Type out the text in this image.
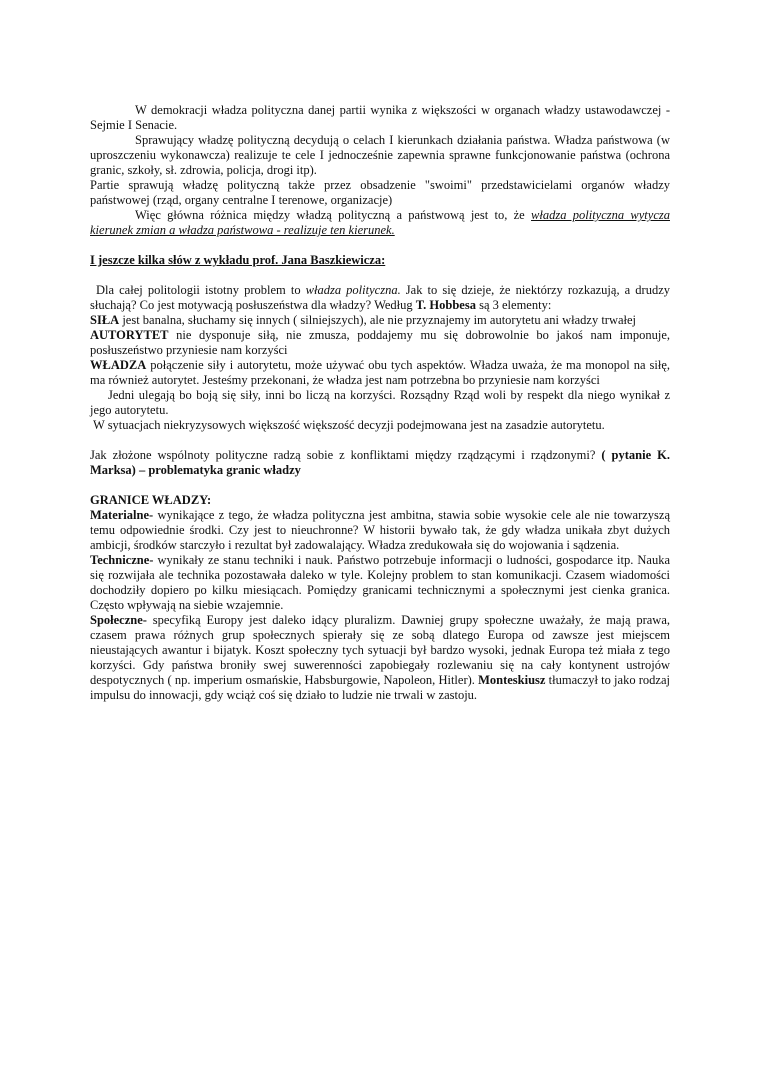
W demokracji władza polityczna danej partii wynika z większości w organach władzy ustawodawczej - Sejmie I Senacie.

Sprawujący władzę polityczną decydują o celach I kierunkach działania państwa. Władza państwowa (w uproszczeniu wykonawcza) realizuje te cele I jednocześnie zapewnia sprawne funkcjonowanie państwa (ochrona granic, szkoły, sł. zdrowia, policja, drogi itp).

Partie sprawują władzę polityczną także przez obsadzenie "swoimi" przedstawicielami organów władzy państwowej (rząd, organy centralne I terenowe, organizacje)

Więc główna różnica między władzą polityczną a państwową jest to, że władza polityczna wytycza kierunek zmian a władza państwowa - realizuje ten kierunek.

I jeszcze kilka słów z wykładu prof. Jana Baszkiewicza:

Dla całej politologii istotny problem to władza polityczna. Jak to się dzieje, że niektórzy rozkazują, a drudzy słuchają? Co jest motywacją posłuszeństwa dla władzy? Według T. Hobbesa są 3 elementy:

SIŁA jest banalna, słuchamy się innych ( silniejszych), ale nie przyznajemy im autorytetu ani władzy trwałej

AUTORYTET nie dysponuje siłą, nie zmusza, poddajemy mu się dobrowolnie bo jakoś nam imponuje, posłuszeństwo przyniesie nam korzyści

WŁADZA połączenie siły i autorytetu, może używać obu tych aspektów. Władza uważa, że ma monopol na siłę, ma również autorytet. Jesteśmy przekonani, że władza jest nam potrzebna bo przyniesie nam korzyści

Jedni ulegają bo boją się siły, inni bo liczą na korzyści. Rozsądny Rząd woli by respekt dla niego wynikał z jego autorytetu.

W sytuacjach niekryzysowych większość większość decyzji podejmowana jest na zasadzie autorytetu.

Jak złożone wspólnoty polityczne radzą sobie z konfliktami między rządzącymi i rządzonymi? ( pytanie K. Marksa) – problematyka granic władzy

GRANICE WŁADZY:

Materialne- wynikające z tego, że władza polityczna jest ambitna, stawia sobie wysokie cele ale nie towarzyszą temu odpowiednie środki. Czy jest to nieuchronne? W historii bywało tak, że gdy władza unikała zbyt dużych ambicji, środków starczyło i rezultat był zadowalający. Władza zredukowała się do wojowania i sądzenia.

Techniczne- wynikały ze stanu techniki i nauk. Państwo potrzebuje informacji o ludności, gospodarce itp. Nauka się rozwijała ale technika pozostawała daleko w tyle. Kolejny problem to stan komunikacji. Czasem wiadomości dochodziły dopiero po kilku miesiącach. Pomiędzy granicami technicznymi a społecznymi jest cienka granica. Często wpływają na siebie wzajemnie.

Społeczne- specyfiką Europy jest daleko idący pluralizm. Dawniej grupy społeczne uważały, że mają prawa, czasem prawa różnych grup społecznych spierały się ze sobą dlatego Europa od zawsze jest miejscem nieustających awantur i bijatyk. Koszt społeczny tych sytuacji był bardzo wysoki, jednak Europa też miała z tego korzyści. Gdy państwa broniły swej suwerenności zapobiegały rozlewaniu się na cały kontynent ustrojów despotycznych ( np. imperium osmańskie, Habsburgowie, Napoleon, Hitler). Monteskiusz tłumaczył to jako rodzaj impulsu do innowacji, gdy wciąż coś się działo to ludzie nie trwali w zastoju.
